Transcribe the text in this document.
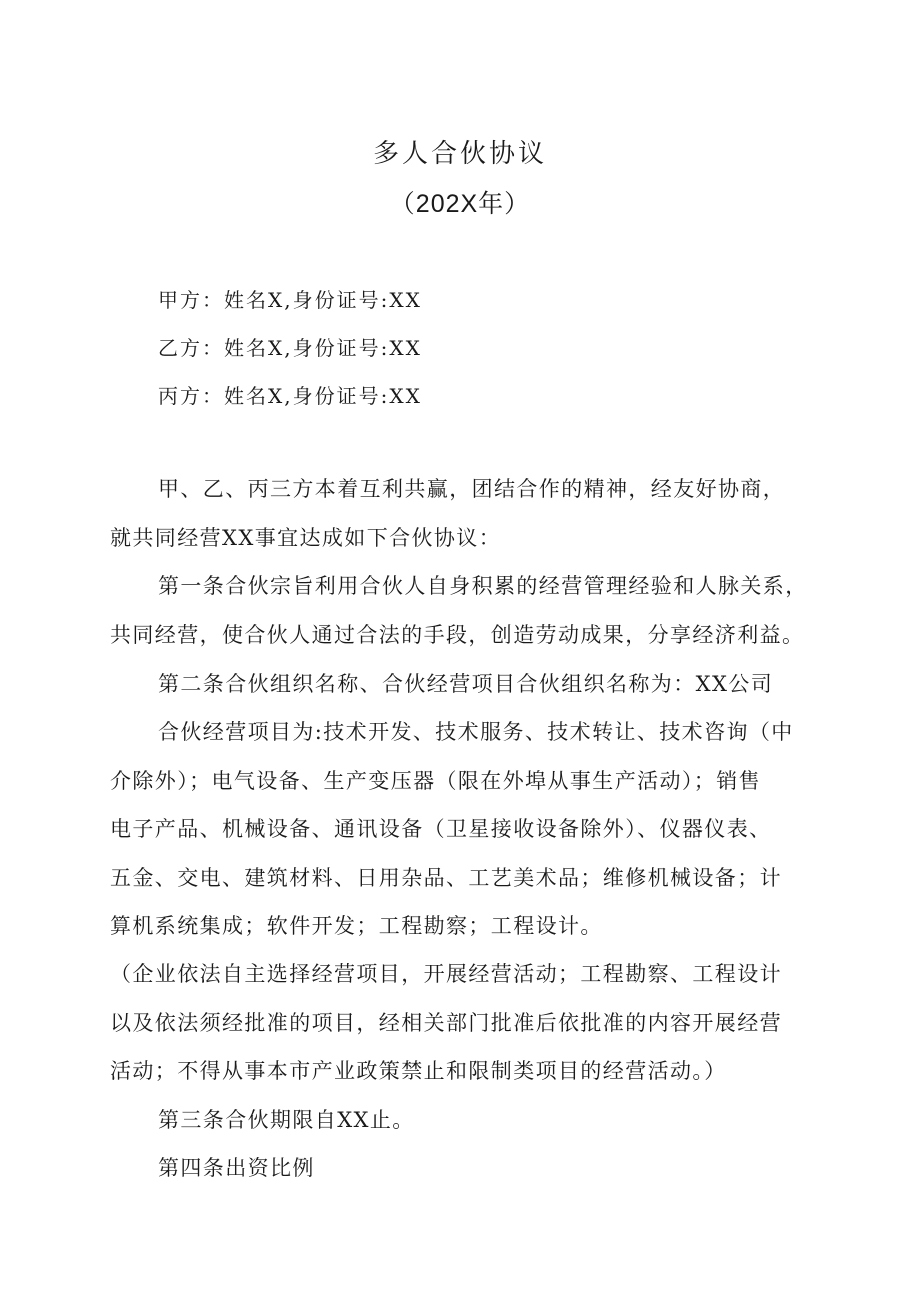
多人合伙协议
（202X年）
甲方：姓名X,身份证号:XX
乙方：姓名X,身份证号:XX
丙方：姓名X,身份证号:XX
甲、乙、丙三方本着互利共赢，团结合作的精神，经友好协商，
就共同经营XX事宜达成如下合伙协议：
第一条合伙宗旨利用合伙人自身积累的经营管理经验和人脉关系，
共同经营，使合伙人通过合法的手段，创造劳动成果，分享经济利益。
第二条合伙组织名称、合伙经营项目合伙组织名称为：XX公司
合伙经营项目为:技术开发、技术服务、技术转让、技术咨询（中
介除外）；电气设备、生产变压器（限在外埠从事生产活动）；销售
电子产品、机械设备、通讯设备（卫星接收设备除外）、仪器仪表、
五金、交电、建筑材料、日用杂品、工艺美术品；维修机械设备；计
算机系统集成；软件开发；工程勘察；工程设计。
（企业依法自主选择经营项目，开展经营活动；工程勘察、工程设计
以及依法须经批准的项目，经相关部门批准后依批准的内容开展经营
活动；不得从事本市产业政策禁止和限制类项目的经营活动。）
第三条合伙期限自XX止。
第四条出资比例
